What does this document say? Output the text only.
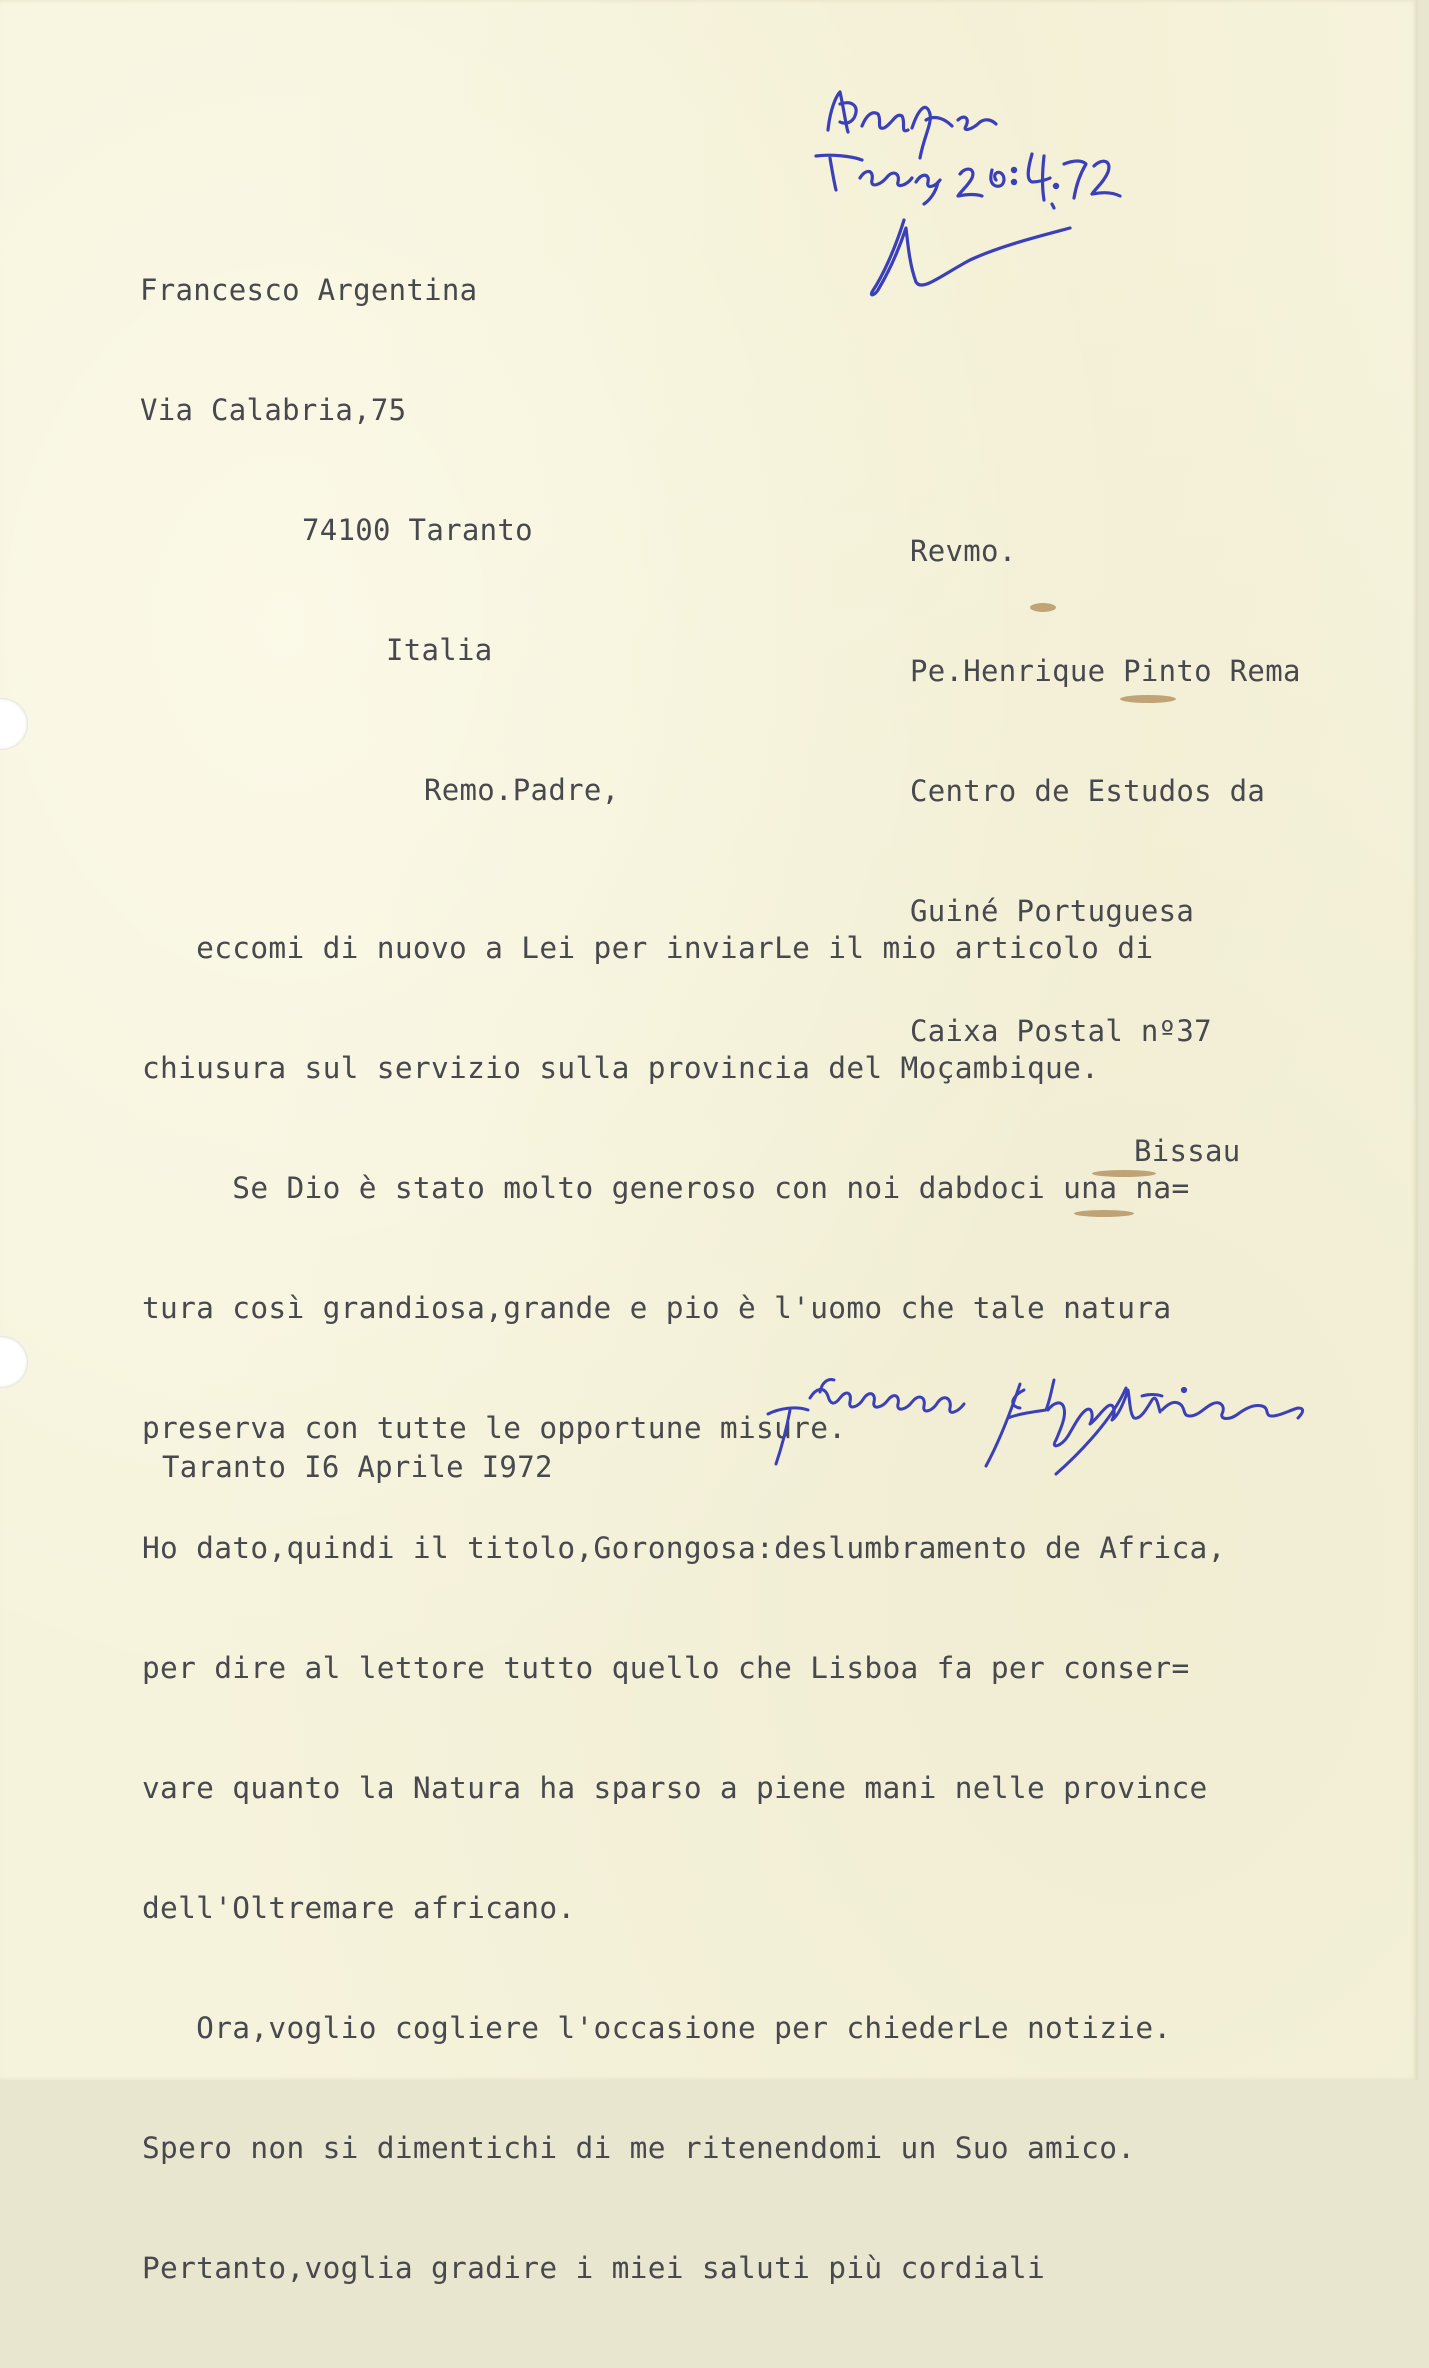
Francesco Argentina

Via Calabria,75

74100 Taranto

Italia

Revmo.

Pe.Henrique Pinto Rema

Centro de Estudos da

Guiné Portuguesa

Caixa Postal nº37

Bissau

Remo.Padre,

eccomi di nuovo a Lei per inviarLe il mio articolo di

chiusura sul servizio sulla provincia del Moçambique.

Se Dio è stato molto generoso con noi dabdoci una na=

tura così grandiosa,grande e pio è l'uomo che tale natura

preserva con tutte le opportune misure.

Ho dato,quindi il titolo,Gorongosa:deslumbramento de Africa,

per dire al lettore tutto quello che Lisboa fa per conser=

vare quanto la Natura ha sparso a piene mani nelle province

dell'Oltremare africano.

Ora,voglio cogliere l'occasione per chiederLe notizie.

Spero non si dimentichi di me ritenendomi un Suo amico.

Pertanto,voglia gradire i miei saluti più cordiali

Taranto I6 Aprile I972
